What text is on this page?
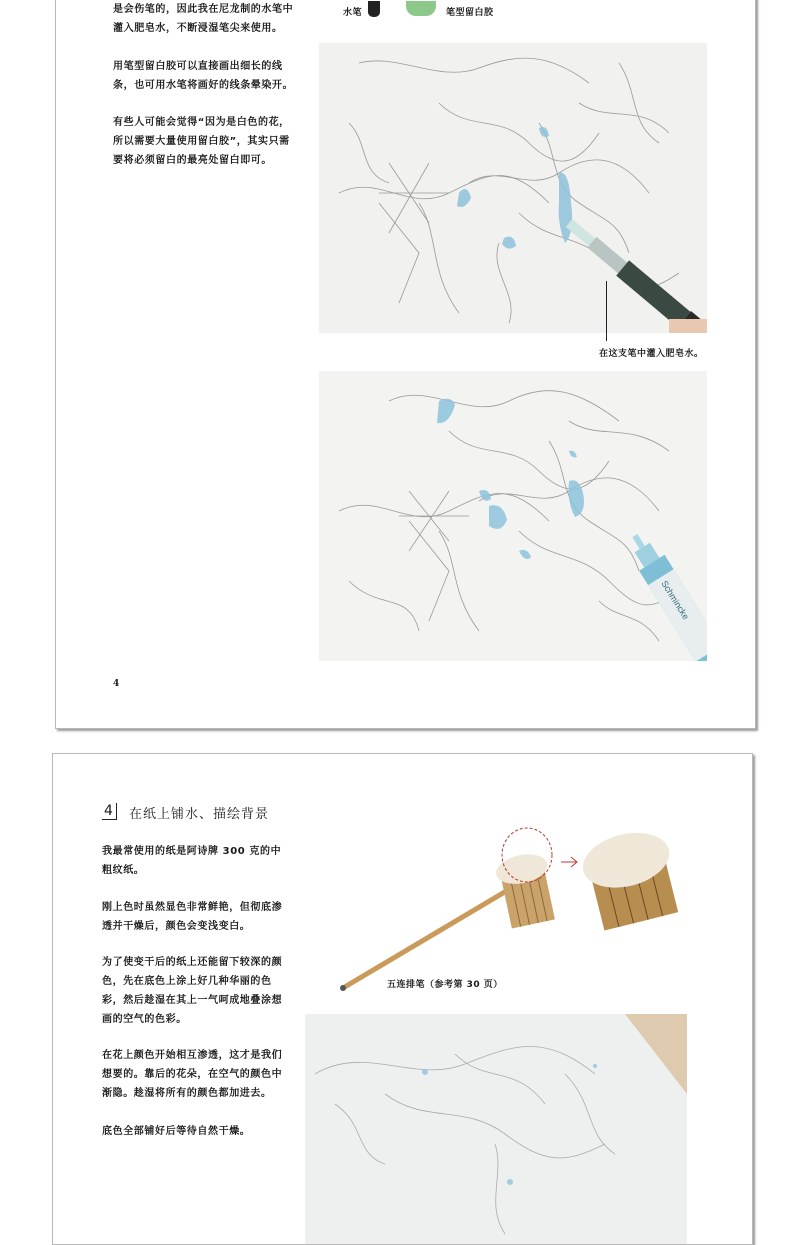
水笔	笔型留白胶

是会伤笔的，因此我在尼龙制的水笔中灌入肥皂水，不断浸湿笔尖来使用。

用笔型留白胶可以直接画出细长的线条，也可用水笔将画好的线条晕染开。

有些人可能会觉得“因为是白色的花，所以需要大量使用留白胶”，其实只需要将必须留白的最亮处留白即可。

在这支笔中灌入肥皂水。
Schmincke
4
4	在纸上铺水、描绘背景

我最常使用的纸是阿诗牌 300 克的中粗纹纸。

刚上色时虽然显色非常鲜艳，但彻底渗透并干燥后，颜色会变浅变白。

为了使变干后的纸上还能留下较深的颜色，先在底色上涂上好几种华丽的色彩，然后趁湿在其上一气呵成地叠涂想画的空气的色彩。

在花上颜色开始相互渗透，这才是我们想要的。靠后的花朵，在空气的颜色中渐隐。趁湿将所有的颜色都加进去。

底色全部铺好后等待自然干燥。

五连排笔（参考第 30 页）
